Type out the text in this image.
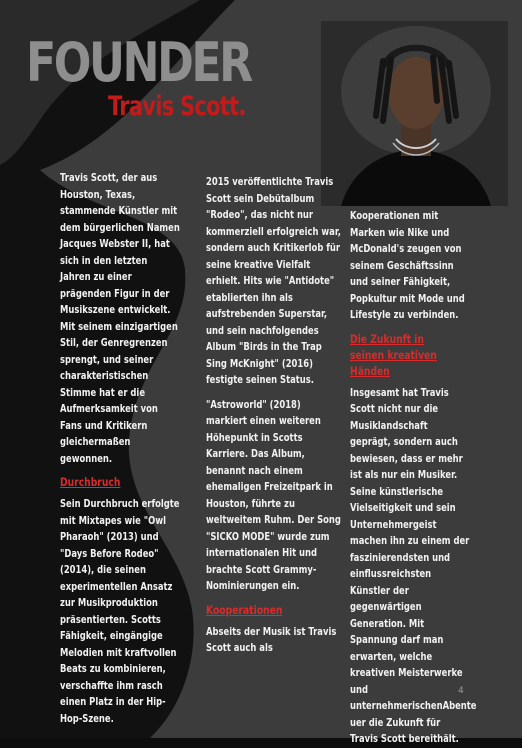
FOUNDER
Travis Scott.

Travis Scott, der aus Houston, Texas, stammende Künstler mit dem bürgerlichen Namen Jacques Webster II, hat sich in den letzten Jahren zu einer prägenden Figur in der Musikszene entwickelt. Mit seinem einzigartigen Stil, der Genregrenzen sprengt, und seiner charakteristischen Stimme hat er die Aufmerksamkeit von Fans und Kritikern gleichermaßen gewonnen.

Durchbruch

Sein Durchbruch erfolgte mit Mixtapes wie "Owl Pharaoh" (2013) und "Days Before Rodeo" (2014), die seinen experimentellen Ansatz zur Musikproduktion präsentierten. Scotts Fähigkeit, eingängige Melodien mit kraftvollen Beats zu kombinieren, verschaffte ihm rasch einen Platz in der Hip-Hop-Szene.

2015 veröffentlichte Travis Scott sein Debütalbum "Rodeo", das nicht nur kommerziell erfolgreich war, sondern auch Kritikerlob für seine kreative Vielfalt erhielt. Hits wie "Antidote" etablierten ihn als aufstrebenden Superstar, und sein nachfolgendes Album "Birds in the Trap Sing McKnight" (2016) festigte seinen Status.

"Astroworld" (2018) markiert einen weiteren Höhepunkt in Scotts Karriere. Das Album, benannt nach einem ehemaligen Freizeitpark in Houston, führte zu weltweitem Ruhm. Der Song "SICKO MODE" wurde zum internationalen Hit und brachte Scott Grammy-Nominierungen ein.

Kooperationen

Abseits der Musik ist Travis Scott auch als

Kooperationen mit Marken wie Nike und McDonald's zeugen von seinem Geschäftssinn und seiner Fähigkeit, Popkultur mit Mode und Lifestyle zu verbinden.

Die Zukunft in seinen kreativen Händen

Insgesamt hat Travis Scott nicht nur die Musiklandschaft geprägt, sondern auch bewiesen, dass er mehr ist als nur ein Musiker. Seine künstlerische Vielseitigkeit und sein Unternehmergeist machen ihn zu einem der faszinierendsten und einflussreichsten Künstler der gegenwärtigen Generation. Mit Spannung darf man erwarten, welche kreativen Meisterwerke und unternehmerischenAbente uer die Zukunft für Travis Scott bereithält.

4
